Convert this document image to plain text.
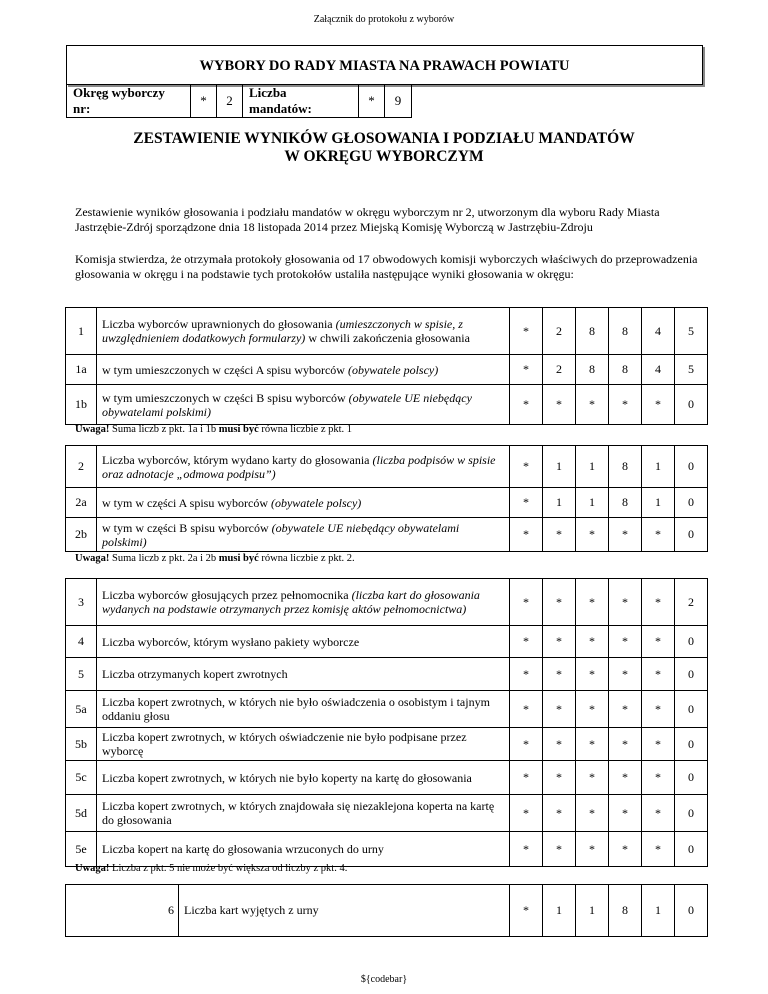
Załącznik do protokołu z wyborów
WYBORY DO RADY MIASTA NA PRAWACH POWIATU
Okręg wyborczy nr:
*	2
Liczba mandatów:
*	9
ZESTAWIENIE WYNIKÓW GŁOSOWANIA I PODZIAŁU MANDATÓW
W OKRĘGU WYBORCZYM
Zestawienie wyników głosowania i podziału mandatów w okręgu wyborczym nr 2, utworzonym dla wyboru Rady Miasta Jastrzębie-Zdrój sporządzone dnia 18 listopada 2014 przez Miejską Komisję Wyborczą w Jastrzębiu-Zdroju
Komisja stwierdza, że otrzymała protokoły głosowania od 17 obwodowych komisji wyborczych właściwych do przeprowadzenia głosowania w okręgu i na podstawie tych protokołów ustaliła następujące wyniki głosowania w okręgu:
1	Liczba wyborców uprawnionych do głosowania (umieszczonych w spisie, z uwzględnieniem dodatkowych formularzy) w chwili zakończenia głosowania	*	2	8	8	4	5
1a	w tym umieszczonych w części A spisu wyborców (obywatele polscy)	*	2	8	8	4	5
1b	w tym umieszczonych w części B spisu wyborców (obywatele UE niebędący obywatelami polskimi)	*	*	*	*	*	0
Uwaga! Suma liczb z pkt. 1a i 1b musi być równa liczbie z pkt. 1
2	Liczba wyborców, którym wydano karty do głosowania (liczba podpisów w spisie oraz adnotacje „odmowa podpisu”)	*	1	1	8	1	0
2a	w tym w części A spisu wyborców (obywatele polscy)	*	1	1	8	1	0
2b	w tym w części B spisu wyborców (obywatele UE niebędący obywatelami polskimi)	*	*	*	*	*	0
Uwaga! Suma liczb z pkt. 2a i 2b musi być równa liczbie z pkt. 2.
3	Liczba wyborców głosujących przez pełnomocnika (liczba kart do głosowania wydanych na podstawie otrzymanych przez komisję aktów pełnomocnictwa)	*	*	*	*	*	2
4	Liczba wyborców, którym wysłano pakiety wyborcze	*	*	*	*	*	0
5	Liczba otrzymanych kopert zwrotnych	*	*	*	*	*	0
5a	Liczba kopert zwrotnych, w których nie było oświadczenia o osobistym i tajnym oddaniu głosu	*	*	*	*	*	0
5b	Liczba kopert zwrotnych, w których oświadczenie nie było podpisane przez wyborcę	*	*	*	*	*	0
5c	Liczba kopert zwrotnych, w których nie było koperty na kartę do głosowania	*	*	*	*	*	0
5d	Liczba kopert zwrotnych, w których znajdowała się niezaklejona koperta na kartę do głosowania	*	*	*	*	*	0
5e	Liczba kopert na kartę do głosowania wrzuconych do urny	*	*	*	*	*	0
Uwaga! Liczba z pkt. 5 nie może być większa od liczby z pkt. 4.
6	Liczba kart wyjętych z urny	*	1	1	8	1	0
${codebar}
